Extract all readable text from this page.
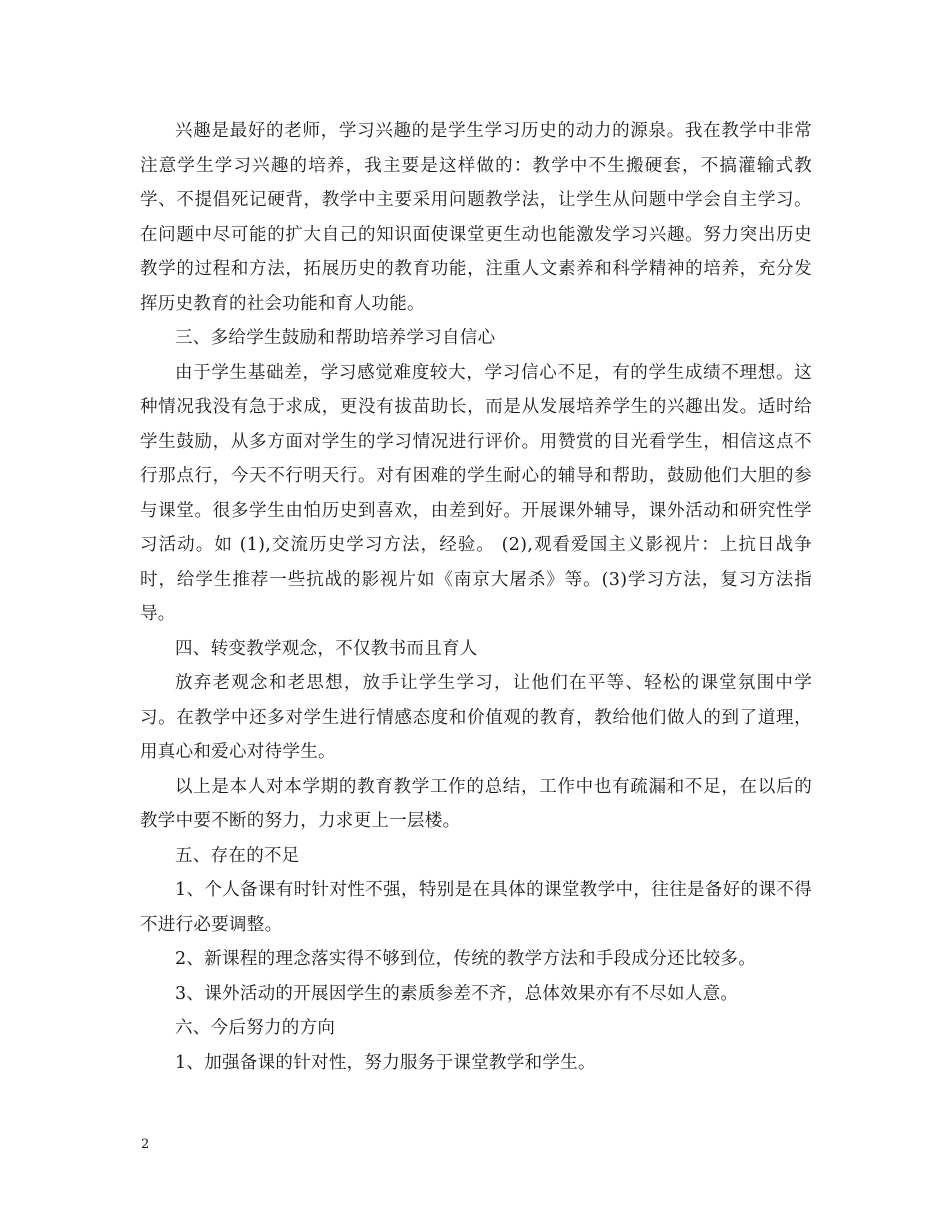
兴趣是最好的老师，学习兴趣的是学生学习历史的动力的源泉。我在教学中非常注意学生学习兴趣的培养，我主要是这样做的：教学中不生搬硬套，不搞灌输式教学、不提倡死记硬背，教学中主要采用问题教学法，让学生从问题中学会自主学习。在问题中尽可能的扩大自己的知识面使课堂更生动也能激发学习兴趣。努力突出历史教学的过程和方法，拓展历史的教育功能，注重人文素养和科学精神的培养，充分发挥历史教育的社会功能和育人功能。

三、多给学生鼓励和帮助培养学习自信心

由于学生基础差，学习感觉难度较大，学习信心不足，有的学生成绩不理想。这种情况我没有急于求成，更没有拔苗助长，而是从发展培养学生的兴趣出发。适时给学生鼓励，从多方面对学生的学习情况进行评价。用赞赏的目光看学生，相信这点不行那点行，今天不行明天行。对有困难的学生耐心的辅导和帮助，鼓励他们大胆的参与课堂。很多学生由怕历史到喜欢，由差到好。开展课外辅导，课外活动和研究性学习活动。如 (1),交流历史学习方法，经验。 (2),观看爱国主义影视片：上抗日战争时，给学生推荐一些抗战的影视片如《南京大屠杀》等。(3)学习方法，复习方法指导。

四、转变教学观念，不仅教书而且育人

放弃老观念和老思想，放手让学生学习，让他们在平等、轻松的课堂氛围中学习。在教学中还多对学生进行情感态度和价值观的教育，教给他们做人的到了道理，用真心和爱心对待学生。

以上是本人对本学期的教育教学工作的总结，工作中也有疏漏和不足，在以后的教学中要不断的努力，力求更上一层楼。

五、存在的不足

1、个人备课有时针对性不强，特别是在具体的课堂教学中，往往是备好的课不得不进行必要调整。

2、新课程的理念落实得不够到位，传统的教学方法和手段成分还比较多。

3、课外活动的开展因学生的素质参差不齐，总体效果亦有不尽如人意。

六、今后努力的方向

1、加强备课的针对性，努力服务于课堂教学和学生。

2
